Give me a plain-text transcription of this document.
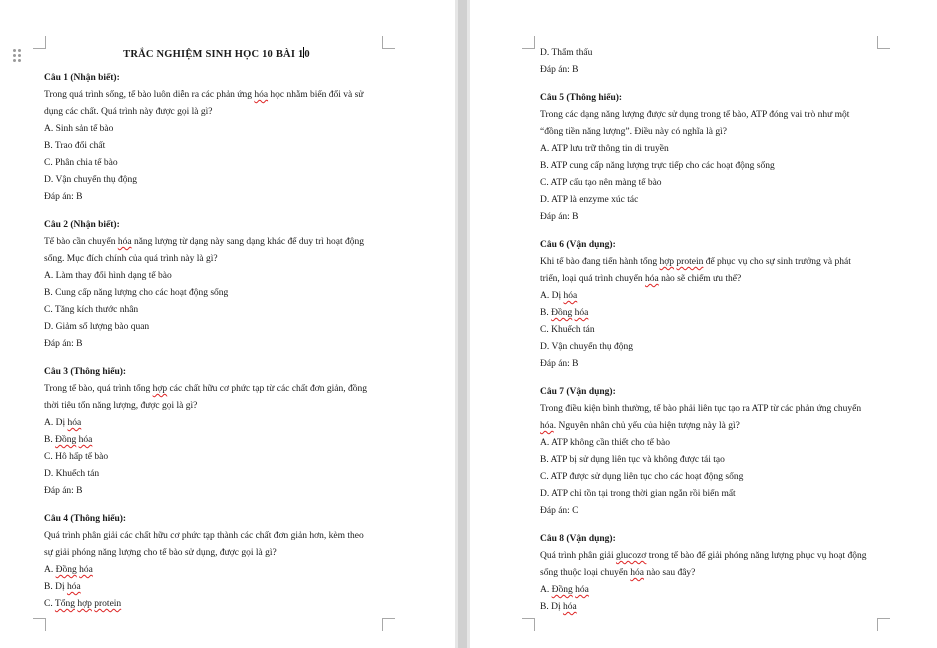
TRẮC NGHIỆM SINH HỌC 10 BÀI 10
Câu 1 (Nhận biết):
Trong quá trình sống, tế bào luôn diễn ra các phản ứng hóa học nhằm biến đổi và sử
dụng các chất. Quá trình này được gọi là gì?
A. Sinh sản tế bào
B. Trao đổi chất
C. Phân chia tế bào
D. Vận chuyển thụ động
Đáp án: B
Câu 2 (Nhận biết):
Tế bào cần chuyển hóa năng lượng từ dạng này sang dạng khác để duy trì hoạt động
sống. Mục đích chính của quá trình này là gì?
A. Làm thay đổi hình dạng tế bào
B. Cung cấp năng lượng cho các hoạt động sống
C. Tăng kích thước nhân
D. Giảm số lượng bào quan
Đáp án: B
Câu 3 (Thông hiểu):
Trong tế bào, quá trình tổng hợp các chất hữu cơ phức tạp từ các chất đơn giản, đồng
thời tiêu tốn năng lượng, được gọi là gì?
A. Dị hóa
B. Đồng hóa
C. Hô hấp tế bào
D. Khuếch tán
Đáp án: B
Câu 4 (Thông hiểu):
Quá trình phân giải các chất hữu cơ phức tạp thành các chất đơn giản hơn, kèm theo
sự giải phóng năng lượng cho tế bào sử dụng, được gọi là gì?
A. Đồng hóa
B. Dị hóa
C. Tổng hợp protein
D. Thẩm thấu
Đáp án: B
Câu 5 (Thông hiểu):
Trong các dạng năng lượng được sử dụng trong tế bào, ATP đóng vai trò như một
“đồng tiền năng lượng”. Điều này có nghĩa là gì?
A. ATP lưu trữ thông tin di truyền
B. ATP cung cấp năng lượng trực tiếp cho các hoạt động sống
C. ATP cấu tạo nên màng tế bào
D. ATP là enzyme xúc tác
Đáp án: B
Câu 6 (Vận dụng):
Khi tế bào đang tiến hành tổng hợp protein để phục vụ cho sự sinh trưởng và phát
triển, loại quá trình chuyển hóa nào sẽ chiếm ưu thế?
A. Dị hóa
B. Đồng hóa
C. Khuếch tán
D. Vận chuyển thụ động
Đáp án: B
Câu 7 (Vận dụng):
Trong điều kiện bình thường, tế bào phải liên tục tạo ra ATP từ các phản ứng chuyển
hóa. Nguyên nhân chủ yếu của hiện tượng này là gì?
A. ATP không cần thiết cho tế bào
B. ATP bị sử dụng liên tục và không được tái tạo
C. ATP được sử dụng liên tục cho các hoạt động sống
D. ATP chỉ tồn tại trong thời gian ngắn rồi biến mất
Đáp án: C
Câu 8 (Vận dụng):
Quá trình phân giải glucozơ trong tế bào để giải phóng năng lượng phục vụ hoạt động
sống thuộc loại chuyển hóa nào sau đây?
A. Đồng hóa
B. Dị hóa
